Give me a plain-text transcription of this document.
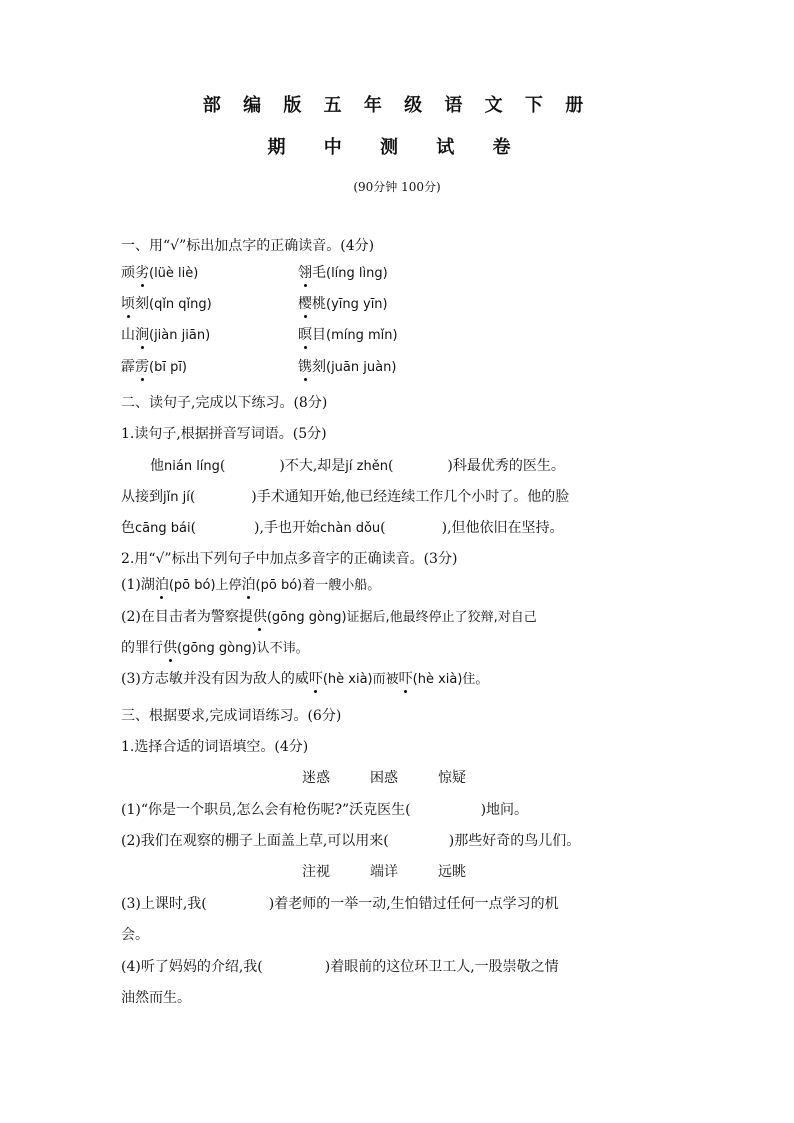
部 编 版 五 年 级 语 文 下 册
期 中 测 试 卷
(90分钟 100分)
一、用“√”标出加点字的正确读音。(4分)
顽劣(lüè liè)	翎毛(líng lìng)
顷刻(qǐn qǐng)	樱桃(yīng yīn)
山涧(jiàn jiān)	暝目(míng mǐn)
霹雳(bī pī)	镌刻(juān juàn)
二、读句子,完成以下练习。(8分)
1.读句子,根据拼音写词语。(5分)
他nián líng(	)不大,却是jí zhěn(	)科最优秀的医生。
从接到jǐn jí(	)手术通知开始,他已经连续工作几个小时了。他的脸
色cāng bái(	),手也开始chàn dǒu(	),但他依旧在坚持。
2.用“√”标出下列句子中加点多音字的正确读音。(3分)
(1)湖泊(pō bó)上停泊(pō bó)着一艘小船。
(2)在目击者为警察提供(gōng gòng)证据后,他最终停止了狡辩,对自己
的罪行供(gōng gòng)认不讳。
(3)方志敏并没有因为敌人的威吓(hè xià)而被吓(hè xià)住。
三、根据要求,完成词语练习。(6分)
1.选择合适的词语填空。(4分)
迷惑	困惑	惊疑
(1)“你是一个职员,怎么会有枪伤呢?”沃克医生(	)地问。
(2)我们在观察的棚子上面盖上草,可以用来(	)那些好奇的鸟儿们。
注视	端详	远眺
(3)上课时,我(	)着老师的一举一动,生怕错过任何一点学习的机
会。
(4)听了妈妈的介绍,我(	)着眼前的这位环卫工人,一股崇敬之情
油然而生。
